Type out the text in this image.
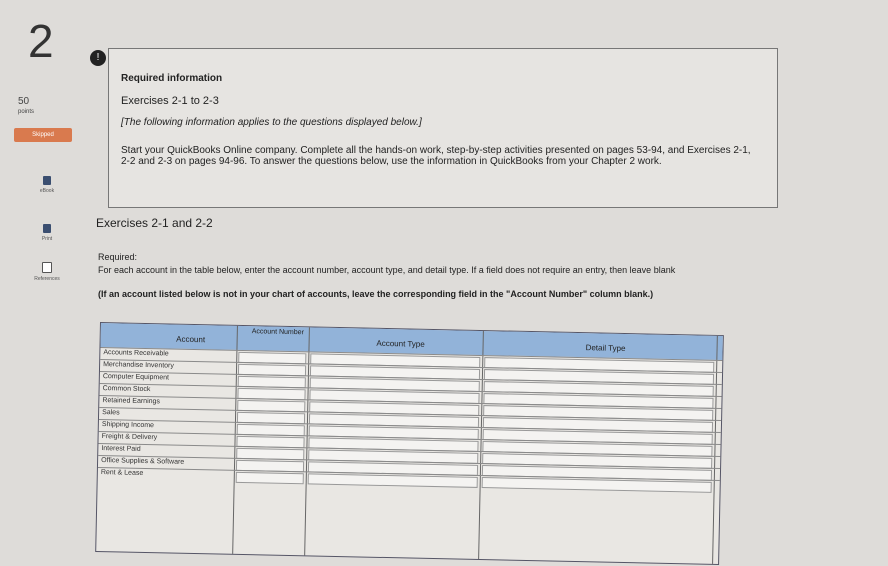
2	!
50
points
Skipped
eBook
Print
References
Required information
Exercises 2-1 to 2-3
[The following information applies to the questions displayed below.]
Start your QuickBooks Online company. Complete all the hands-on work, step-by-step activities presented on pages 53-94, and Exercises 2-1, 2-2 and 2-3 on pages 94-96. To answer the questions below, use the information in QuickBooks from your Chapter 2 work.
Exercises 2-1 and 2-2
Required:
For each account in the table below, enter the account number, account type, and detail type. If a field does not require an entry, then leave blank
(If an account listed below is not in your chart of accounts, leave the corresponding field in the "Account Number" column blank.)
Account
Account Number
Account Type	Detail Type
Accounts Receivable
Merchandise Inventory
Computer Equipment
Common Stock
Retained Earnings
Sales
Shipping Income
Freight & Delivery
Interest Paid
Office Supplies & Software
Rent & Lease
